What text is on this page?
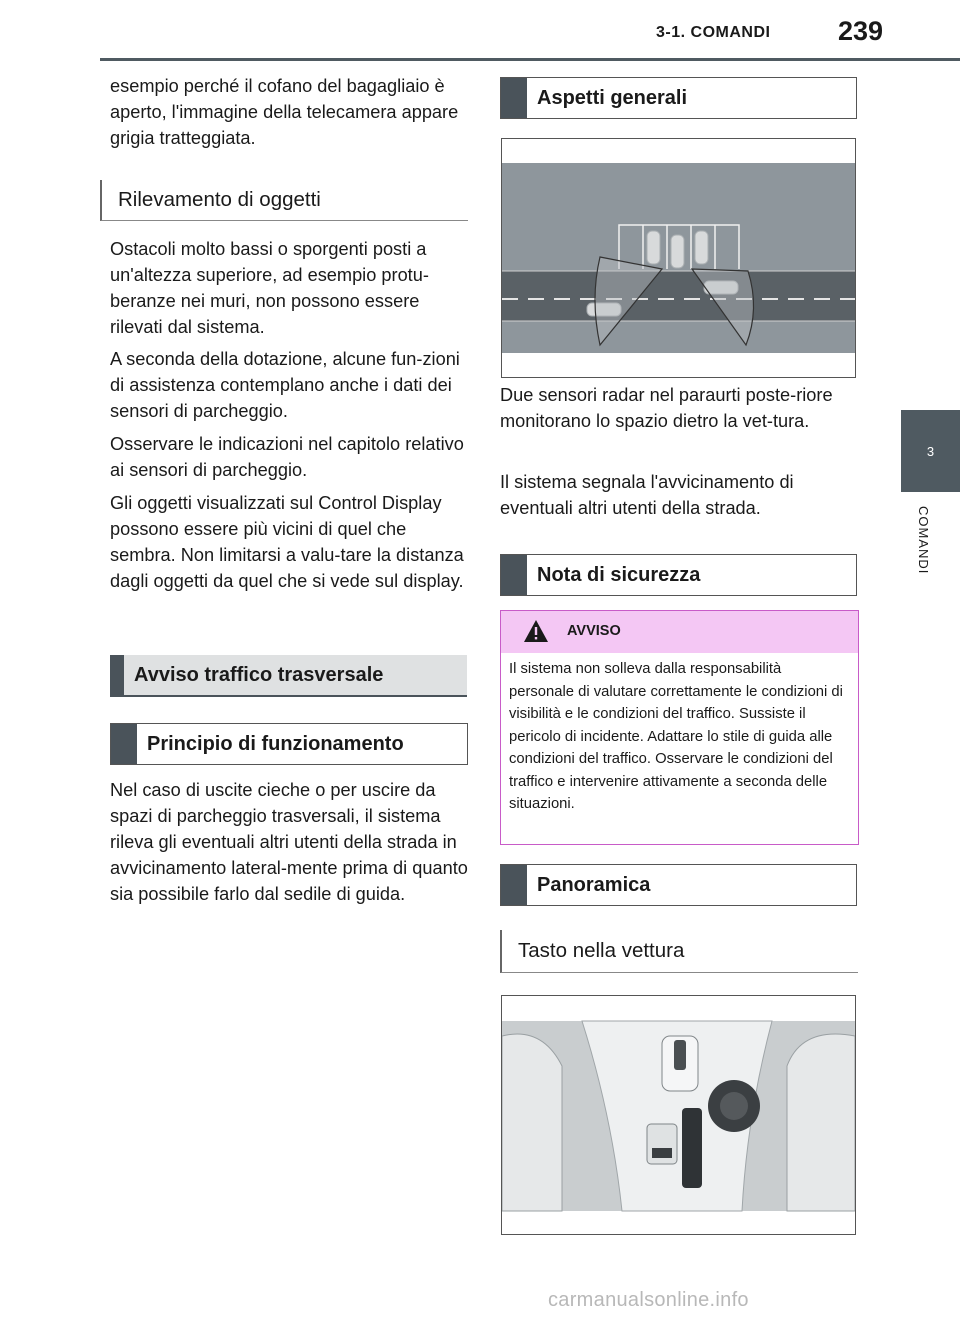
3-1. COMANDI	239
3
COMANDI

esempio perché il cofano del bagagliaio è aperto, l'immagine della telecamera appare grigia tratteggiata.

Rilevamento di oggetti

Ostacoli molto bassi o sporgenti posti a un'altezza superiore, ad esempio protu-beranze nei muri, non possono essere rilevati dal sistema.

A seconda della dotazione, alcune fun-zioni di assistenza contemplano anche i dati dei sensori di parcheggio.

Osservare le indicazioni nel capitolo relativo ai sensori di parcheggio.

Gli oggetti visualizzati sul Control Display possono essere più vicini di quel che sembra. Non limitarsi a valu-tare la distanza dagli oggetti da quel che si vede sul display.

Avviso traffico trasversale
Principio di funzionamento

Nel caso di uscite cieche o per uscire da spazi di parcheggio trasversali, il sistema rileva gli eventuali altri utenti della strada in avvicinamento lateral-mente prima di quanto sia possibile farlo dal sedile di guida.

Aspetti generali

Due sensori radar nel paraurti poste-riore monitorano lo spazio dietro la vet-tura.

Il sistema segnala l'avvicinamento di eventuali altri utenti della strada.

Nota di sicurezza
AVVISO
Il sistema non solleva dalla responsabilità personale di valutare correttamente le condizioni di visibilità e le condizioni del traffico. Sussiste il pericolo di incidente. Adattare lo stile di guida alle condizioni del traffico. Osservare le condizioni del traffico e intervenire attivamente a seconda delle situazioni.
Panoramica
Tasto nella vettura
carmanualsonline.info
